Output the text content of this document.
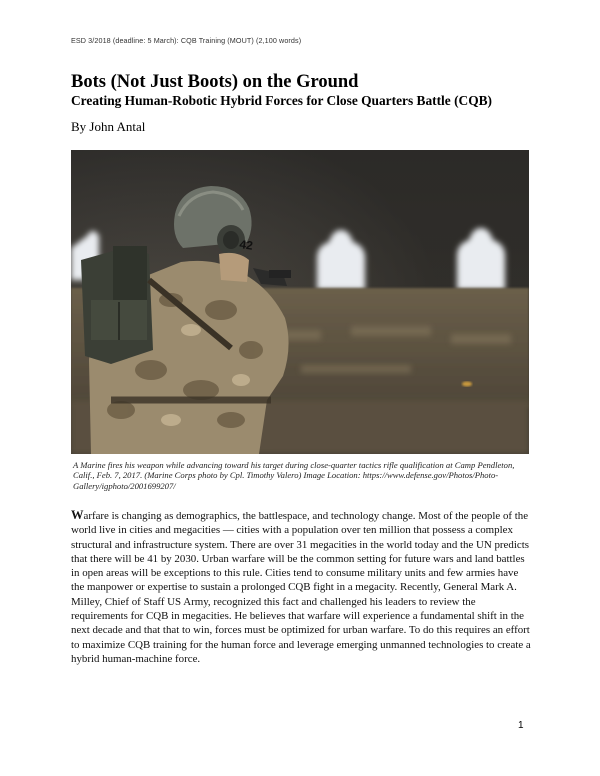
ESD 3/2018 (deadline: 5 March): CQB Training (MOUT) (2,100 words)
Bots (Not Just Boots) on the Ground
Creating Human-Robotic Hybrid Forces for Close Quarters Battle (CQB)
By John Antal
42
A Marine fires his weapon while advancing toward his target during close-quarter tactics rifle qualification at Camp Pendleton, Calif., Feb. 7, 2017. (Marine Corps photo by Cpl. Timothy Valero) Image Location: https://www.defense.gov/Photos/Photo-Gallery/igphoto/2001699207/

Warfare is changing as demographics, the battlespace, and technology change. Most of the people of the world live in cities and megacities — cities with a population over ten million that possess a complex structural and infrastructure system. There are over 31 megacities in the world today and the UN predicts that there will be 41 by 2030. Urban warfare will be the common setting for future wars and land battles in open areas will be exceptions to this rule. Cities tend to consume military units and few armies have the manpower or expertise to sustain a prolonged CQB fight in a megacity. Recently, General Mark A. Milley, Chief of Staff US Army, recognized this fact and challenged his leaders to review the requirements for CQB in megacities. He believes that warfare will experience a fundamental shift in the next decade and that that to win, forces must be optimized for urban warfare. To do this requires an effort to maximize CQB training for the human force and leverage emerging unmanned technologies to create a hybrid human-machine force.

1
